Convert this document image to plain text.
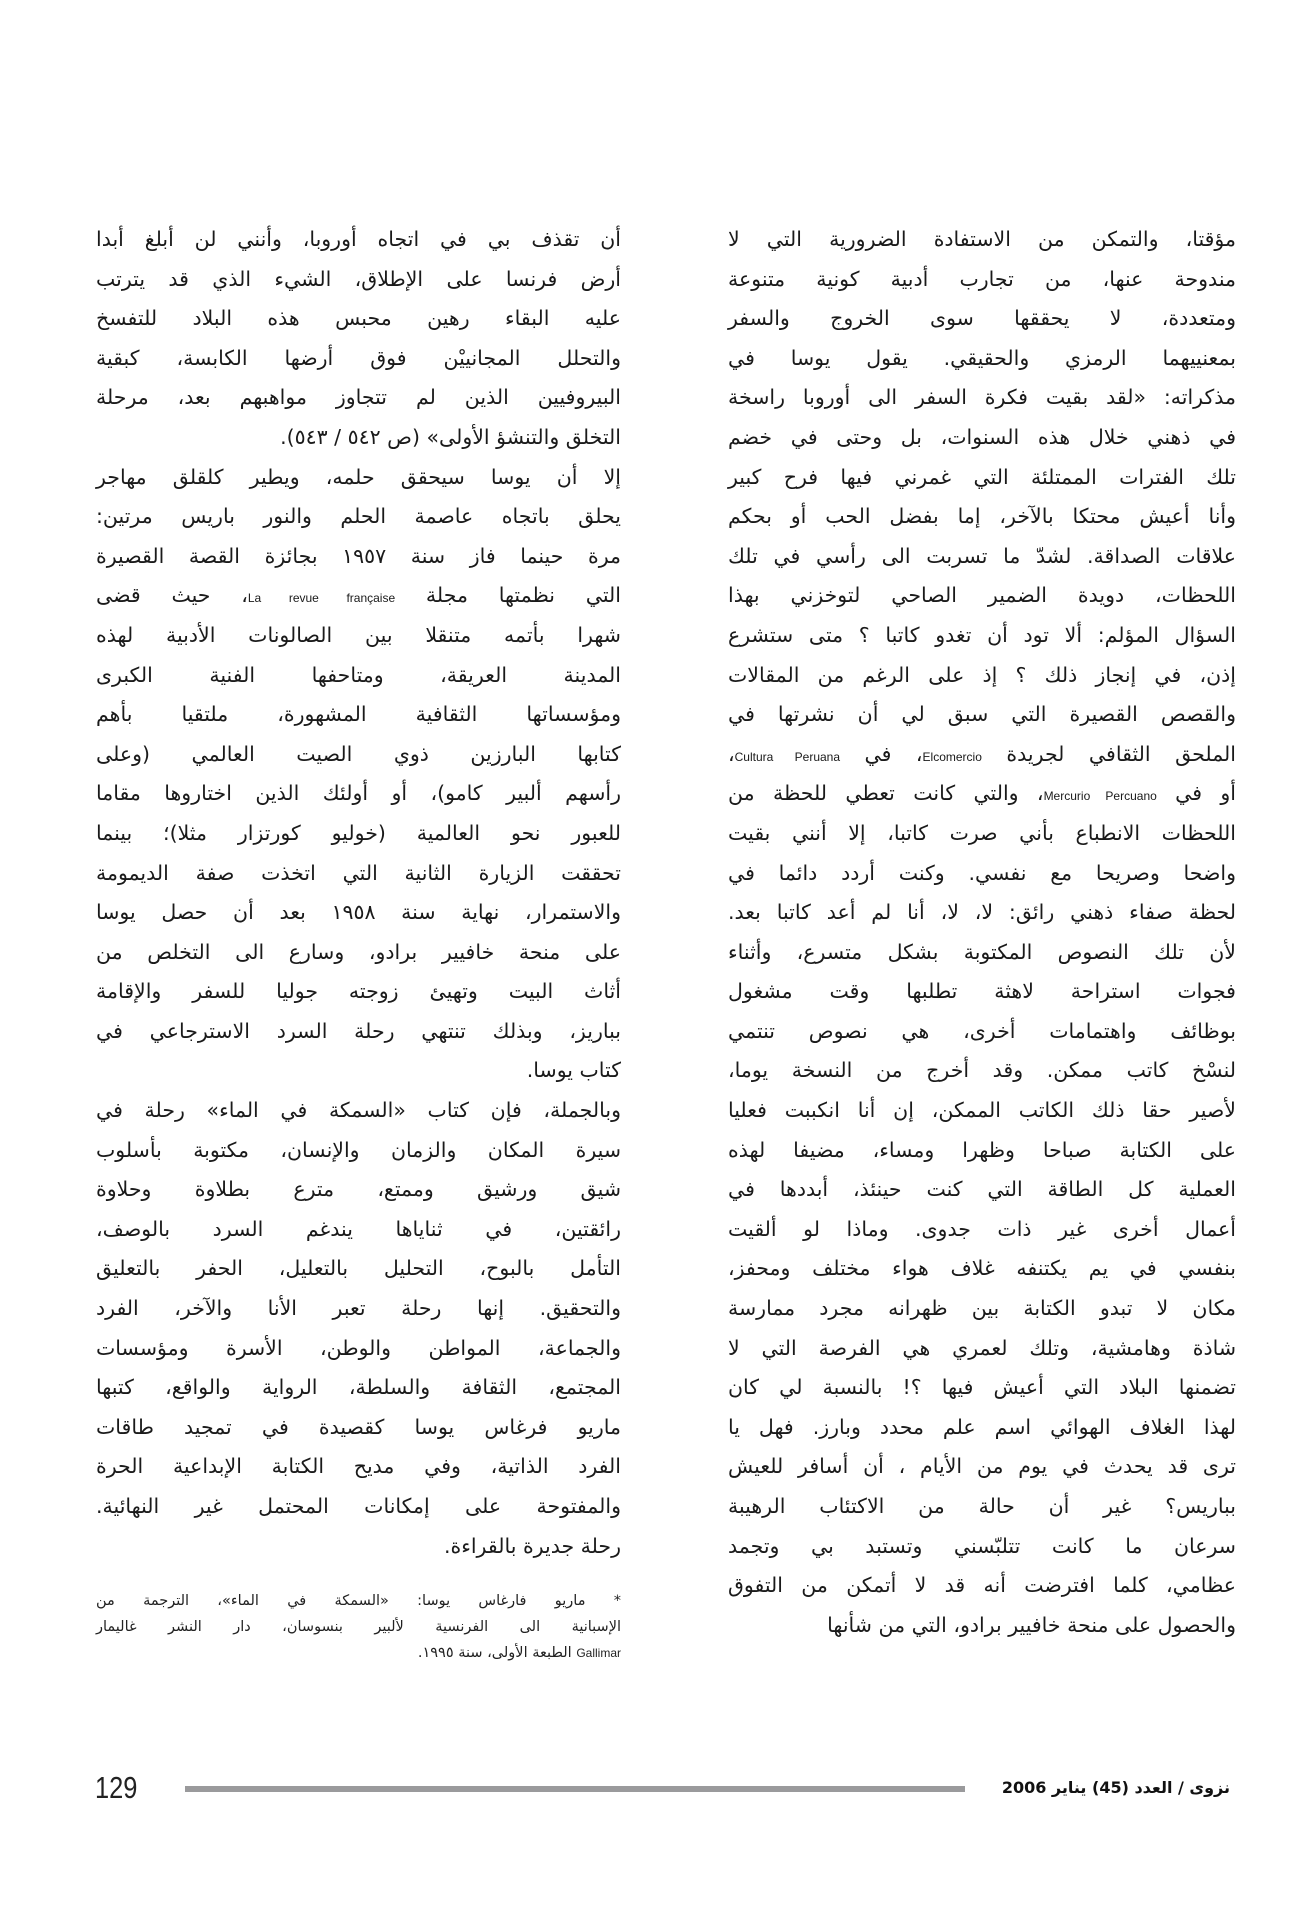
مؤقتا، والتمكن من الاستفادة الضرورية التي لا
مندوحة عنها، من تجارب أدبية كونية متنوعة
ومتعددة، لا يحققها سوى الخروج والسفر
بمعنييهما الرمزي والحقيقي. يقول يوسا في
مذكراته: «لقد بقيت فكرة السفر الى أوروبا راسخة
في ذهني خلال هذه السنوات، بل وحتى في خضم
تلك الفترات الممتلئة التي غمرني فيها فرح كبير
وأنا أعيش محتكا بالآخر، إما بفضل الحب أو بحكم
علاقات الصداقة. لشدّ ما تسربت الى رأسي في تلك
اللحظات، دويدة الضمير الصاحي لتوخزني بهذا
السؤال المؤلم: ألا تود أن تغدو كاتبا ؟ متى ستشرع
إذن، في إنجاز ذلك ؟ إذ على الرغم من المقالات
والقصص القصيرة التي سبق لي أن نشرتها في
الملحق الثقافي لجريدة Elcomercio، في Cultura Peruana،
أو في Mercurio Percuano، والتي كانت تعطي للحظة من
اللحظات الانطباع بأني صرت كاتبا، إلا أنني بقيت
واضحا وصريحا مع نفسي. وكنت أردد دائما في
لحظة صفاء ذهني رائق: لا، لا، أنا لم أعد كاتبا بعد.
لأن تلك النصوص المكتوبة بشكل متسرع، وأثناء
فجوات استراحة لاهثة تطلبها وقت مشغول
بوظائف واهتمامات أخرى، هي نصوص تنتمي
لنسْخ كاتب ممكن. وقد أخرج من النسخة يوما،
لأصير حقا ذلك الكاتب الممكن، إن أنا انكببت فعليا
على الكتابة صباحا وظهرا ومساء، مضيفا لهذه
العملية كل الطاقة التي كنت حينئذ، أبددها في
أعمال أخرى غير ذات جدوى. وماذا لو ألقيت
بنفسي في يم يكتنفه غلاف هواء مختلف ومحفز،
مكان لا تبدو الكتابة بين ظهرانه مجرد ممارسة
شاذة وهامشية، وتلك لعمري هي الفرصة التي لا
تضمنها البلاد التي أعيش فيها ؟! بالنسبة لي كان
لهذا الغلاف الهوائي اسم علم محدد وبارز. فهل يا
ترى قد يحدث في يوم من الأيام ، أن أسافر للعيش
بباريس؟ غير أن حالة من الاكتئاب الرهيبة
سرعان ما كانت تتلبّسني وتستبد بي وتجمد
عظامي، كلما افترضت أنه قد لا أتمكن من التفوق
والحصول على منحة خافيير برادو، التي من شأنها
أن تقذف بي في اتجاه أوروبا، وأنني لن أبلغ أبدا
أرض فرنسا على الإطلاق، الشيء الذي قد يترتب
عليه البقاء رهين محبس هذه البلاد للتفسخ
والتحلل المجانييْن فوق أرضها الكابسة، كبقية
البيروفيين الذين لم تتجاوز مواهبهم بعد، مرحلة
التخلق والتنشؤ الأولى» (ص ٥٤٢ / ٥٤٣).
إلا أن يوسا سيحقق حلمه، ويطير كلقلق مهاجر
يحلق باتجاه عاصمة الحلم والنور باريس مرتين:
مرة حينما فاز سنة ١٩٥٧ بجائزة القصة القصيرة
التي نظمتها مجلة La revue française، حيث قضى
شهرا بأتمه متنقلا بين الصالونات الأدبية لهذه
المدينة العريقة، ومتاحفها الفنية الكبرى
ومؤسساتها الثقافية المشهورة، ملتقيا بأهم
كتابها البارزين ذوي الصيت العالمي (وعلى
رأسهم ألبير كامو)، أو أولئك الذين اختاروها مقاما
للعبور نحو العالمية (خوليو كورتزار مثلا)؛ بينما
تحققت الزيارة الثانية التي اتخذت صفة الديمومة
والاستمرار، نهاية سنة ١٩٥٨ بعد أن حصل يوسا
على منحة خافيير برادو، وسارع الى التخلص من
أثاث البيت وتهيئ زوجته جوليا للسفر والإقامة
بباريز، وبذلك تنتهي رحلة السرد الاسترجاعي في
كتاب يوسا.
وبالجملة، فإن كتاب «السمكة في الماء» رحلة في
سيرة المكان والزمان والإنسان، مكتوبة بأسلوب
شيق ورشيق وممتع، مترع بطلاوة وحلاوة
رائقتين، في ثناياها يندغم السرد بالوصف،
التأمل بالبوح، التحليل بالتعليل، الحفر بالتعليق
والتحقيق. إنها رحلة تعبر الأنا والآخر، الفرد
والجماعة، المواطن والوطن، الأسرة ومؤسسات
المجتمع، الثقافة والسلطة، الرواية والواقع، كتبها
ماريو فرغاس يوسا كقصيدة في تمجيد طاقات
الفرد الذاتية، وفي مديح الكتابة الإبداعية الحرة
والمفتوحة على إمكانات المحتمل غير النهائية.
رحلة جديرة بالقراءة.
* ماريو فارغاس يوسا: «السمكة في الماء»، الترجمة من
الإسبانية الى الفرنسية لألبير بنسوسان، دار النشر غاليمار
Gallimar الطبعة الأولى، سنة ١٩٩٥.
129	نزوى / العدد (45) يناير 2006
